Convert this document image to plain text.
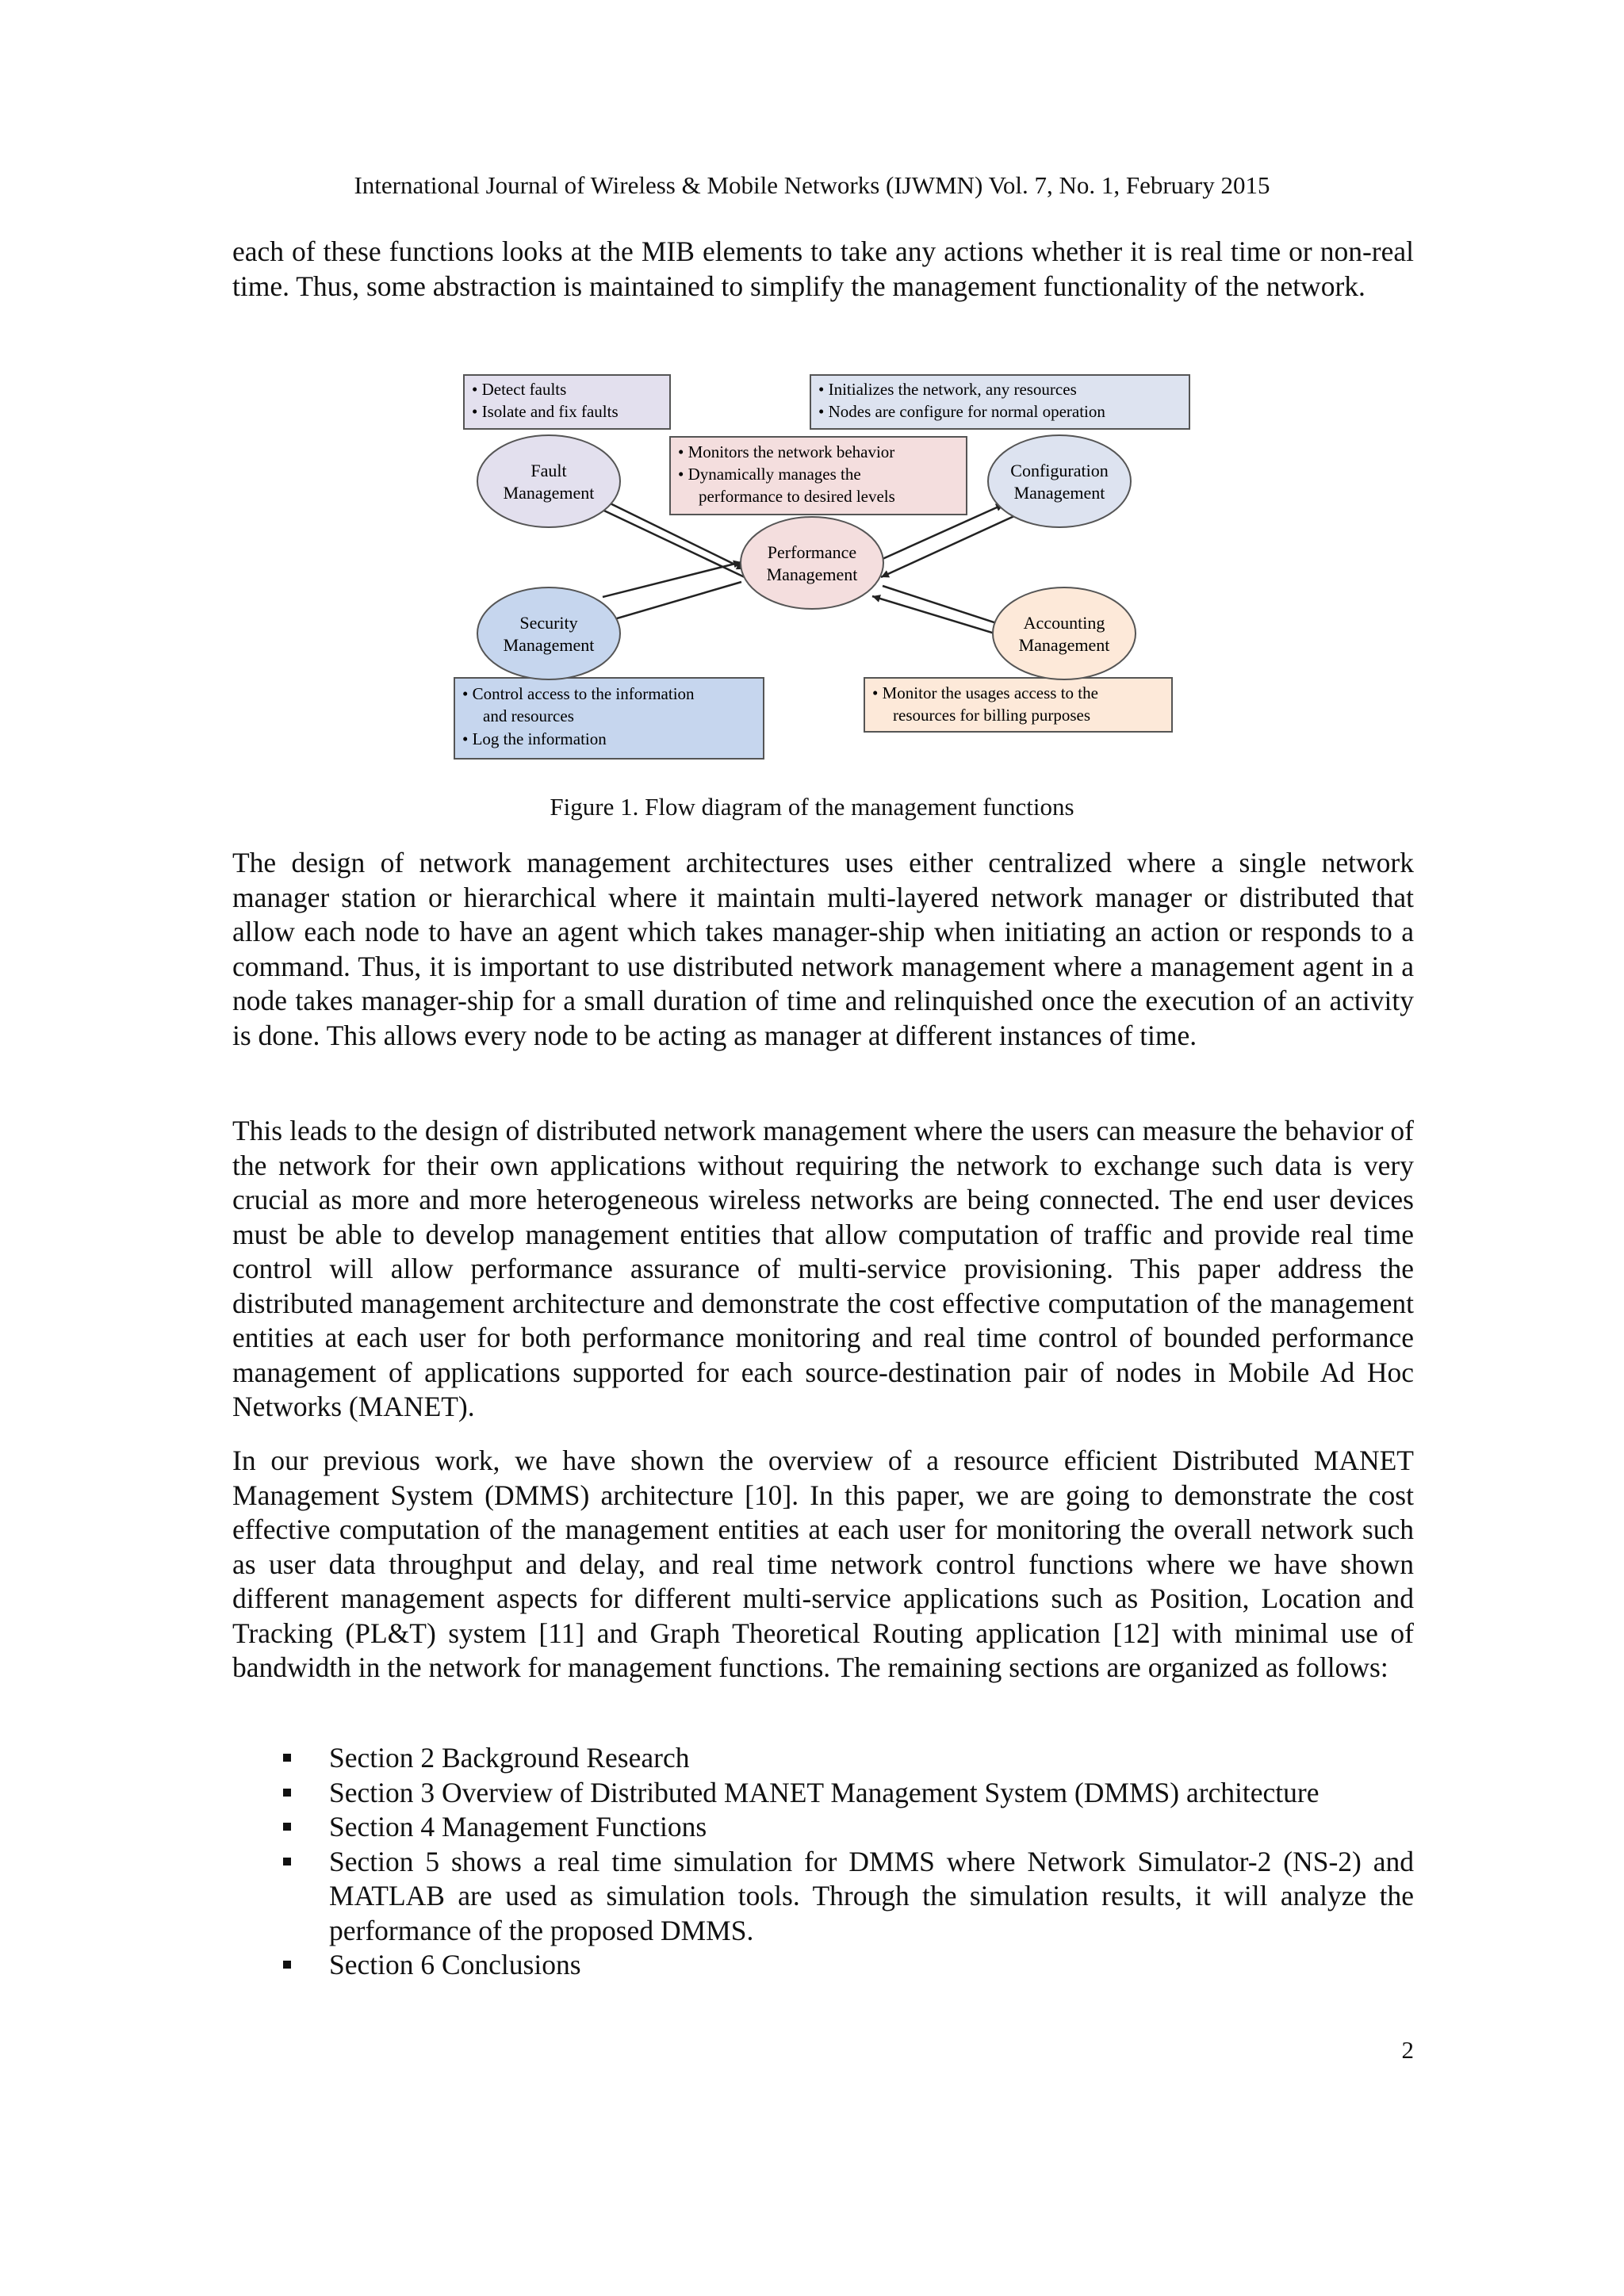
International Journal of Wireless & Mobile Networks (IJWMN) Vol. 7, No. 1, February 2015

each of these functions looks at the MIB elements to take any actions whether it is real time or non-real time. Thus, some abstraction is maintained to simplify the management functionality of the network.

• Detect faults
• Isolate and fix faults
• Initializes the network, any resources
• Nodes are configure for normal operation
• Monitors the network behavior
• Dynamically manages the
performance to desired levels
• Control access to the information
and resources
• Log the information
• Monitor the usages access to the
resources for billing purposes
Fault
Management
Configuration
Management
Performance
Management
Security
Management
Accounting
Management
Figure 1. Flow diagram of the management functions

The design of network management architectures uses either centralized where a single network manager station or hierarchical where it maintain multi-layered network manager or distributed that allow each node to have an agent which takes manager-ship when initiating an action or responds to a command. Thus, it is important to use distributed network management where a management agent in a node takes manager-ship for a small duration of time and relinquished once the execution of an activity is done. This allows every node to be acting as manager at different instances of time.

This leads to the design of distributed network management where the users can measure the behavior of the network for their own applications without requiring the network to exchange such data is very crucial as more and more heterogeneous wireless networks are being connected. The end user devices must be able to develop management entities that allow computation of traffic and provide real time control will allow performance assurance of multi-service provisioning. This paper address the distributed management architecture and demonstrate the cost effective computation of the management entities at each user for both performance monitoring and real time control of bounded performance management of applications supported for each source-destination pair of nodes in Mobile Ad Hoc Networks (MANET).

In our previous work, we have shown the overview of a resource efficient Distributed MANET Management System (DMMS) architecture [10]. In this paper, we are going to demonstrate the cost effective computation of the management entities at each user for monitoring the overall network such as user data throughput and delay, and real time network control functions where we have shown different management aspects for different multi-service applications such as Position, Location and Tracking (PL&T) system [11] and Graph Theoretical Routing application [12] with minimal use of bandwidth in the network for management functions. The remaining sections are organized as follows:

Section 2 Background Research
Section 3 Overview of Distributed MANET Management System (DMMS) architecture
Section 4 Management Functions
Section 5 shows a real time simulation for DMMS where Network Simulator-2 (NS-2) and MATLAB are used as simulation tools. Through the simulation results, it will analyze the performance of the proposed DMMS.
Section 6 Conclusions
2
